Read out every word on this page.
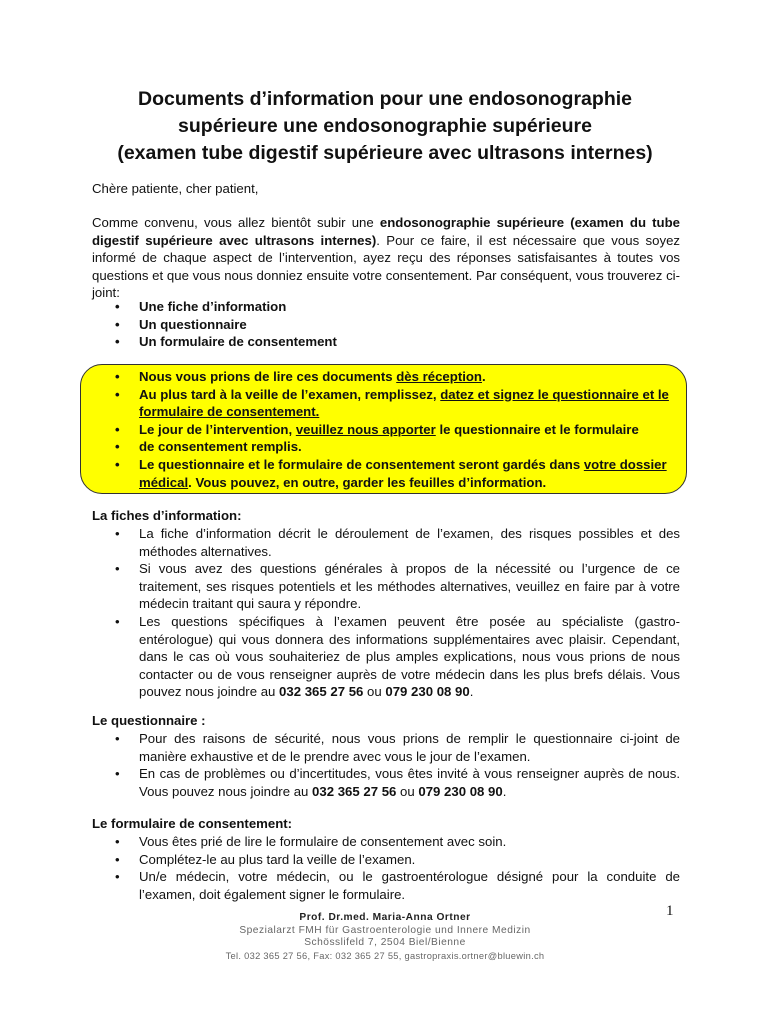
Documents d’information pour une endosonographie
supérieure une endosonographie supérieure
(examen tube digestif supérieure avec ultrasons internes)
Chère patiente, cher patient,
Comme convenu, vous allez bientôt subir une endosonographie supérieure (examen du tube digestif supérieure avec ultrasons internes). Pour ce faire, il est nécessaire que vous soyez informé de chaque aspect de l’intervention, ayez reçu des réponses satisfaisantes à toutes vos questions et que vous nous donniez ensuite votre consentement. Par conséquent, vous trouverez ci-joint:
• Une fiche d’information
• Un questionnaire
• Un formulaire de consentement
• Nous vous prions de lire ces documents dès réception.
• Au plus tard à la veille de l’examen, remplissez, datez et signez le questionnaire et le formulaire de consentement.
• Le jour de l’intervention, veuillez nous apporter le questionnaire et le formulaire
• de consentement remplis.
• Le questionnaire et le formulaire de consentement seront gardés dans votre dossier médical. Vous pouvez, en outre, garder les feuilles d’information.
La fiches d’information:
• La fiche d’information décrit le déroulement de l’examen, des risques possibles et des méthodes alternatives.
• Si vous avez des questions générales à propos de la nécessité ou l’urgence de ce traitement, ses risques potentiels et les méthodes alternatives, veuillez en faire par à votre médecin traitant qui saura y répondre.
• Les questions spécifiques à l’examen peuvent être posée au spécialiste (gastro-entérologue) qui vous donnera des informations supplémentaires avec plaisir. Cependant, dans le cas où vous souhaiteriez de plus amples explications, nous vous prions de nous contacter ou de vous renseigner auprès de votre médecin dans les plus brefs délais. Vous pouvez nous joindre au 032 365 27 56 ou 079 230 08 90.
Le questionnaire :
• Pour des raisons de sécurité, nous vous prions de remplir le questionnaire ci-joint de manière exhaustive et de le prendre avec vous le jour de l’examen.
• En cas de problèmes ou d’incertitudes, vous êtes invité à vous renseigner auprès de nous. Vous pouvez nous joindre au 032 365 27 56 ou 079 230 08 90.
Le formulaire de consentement:
• Vous êtes prié de lire le formulaire de consentement avec soin.
• Complétez-le au plus tard la veille de l’examen.
• Un/e médecin, votre médecin, ou le gastroentérologue désigné pour la conduite de l’examen, doit également signer le formulaire.
1
Prof. Dr.med. Maria-Anna Ortner
Spezialarzt FMH für Gastroenterologie und Innere Medizin
Schösslifeld 7, 2504 Biel/Bienne
Tel. 032 365 27 56, Fax: 032 365 27 55, gastropraxis.ortner@bluewin.ch
